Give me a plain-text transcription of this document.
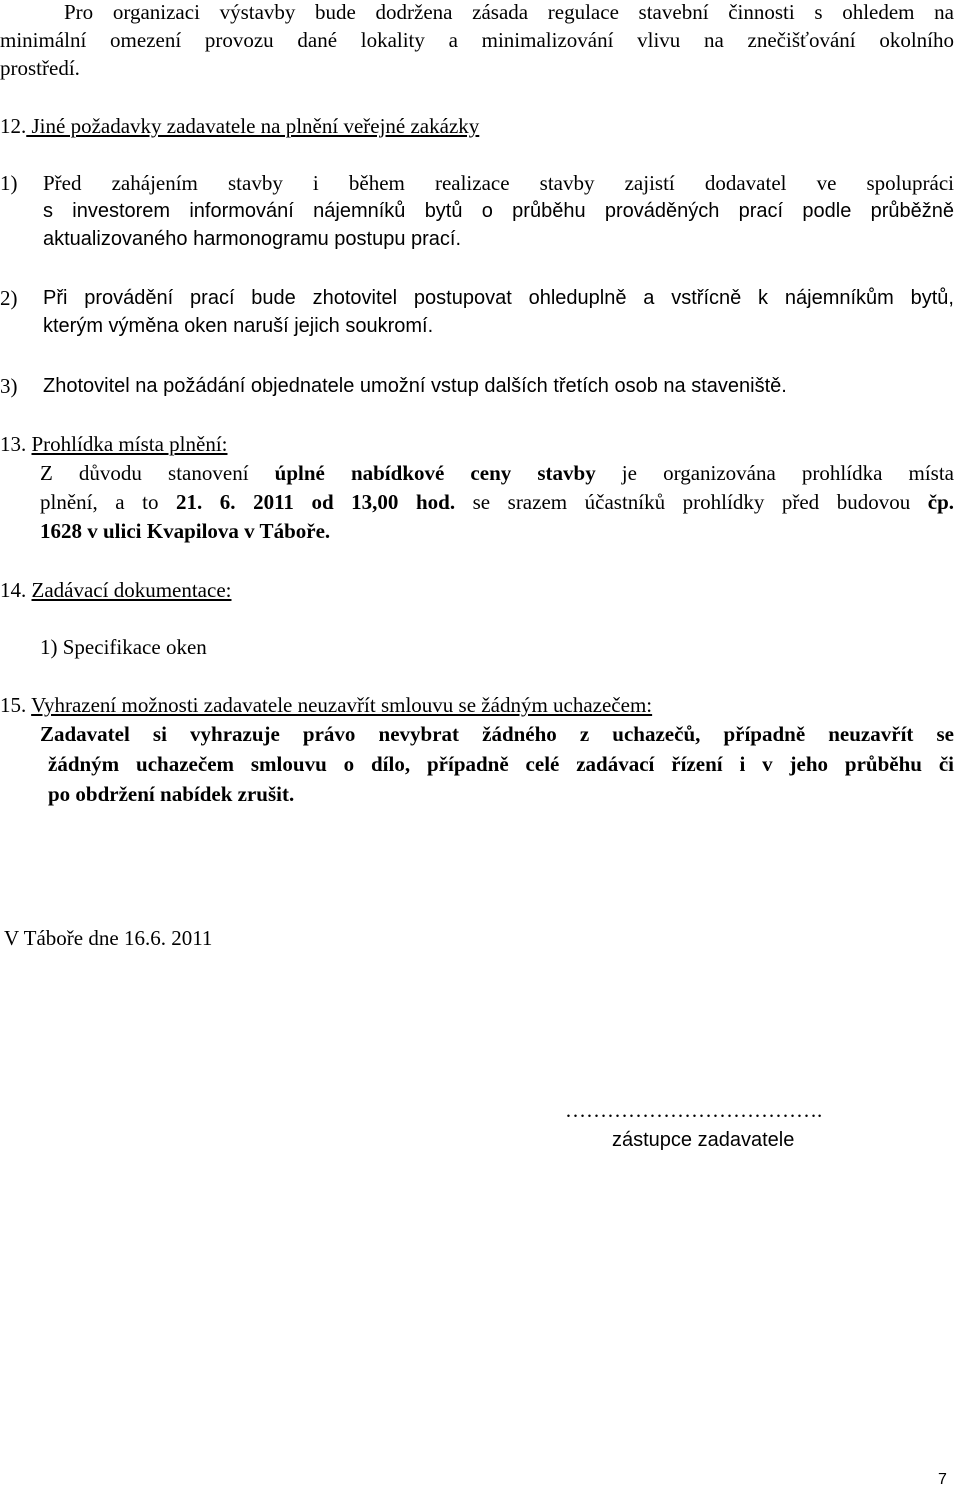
Pro organizaci výstavby bude dodržena zásada regulace stavební činnosti s ohledem na
minimální omezení provozu dané lokality a minimalizování vlivu na znečišťování okolního
prostředí.
12. Jiné požadavky zadavatele na plnění veřejné zakázky
1) Před zahájením stavby i během realizace stavby zajistí dodavatel ve spolupráci
s investorem informování nájemníků bytů o průběhu prováděných prací podle průběžně
aktualizovaného harmonogramu postupu prací.
2) Při provádění prací bude zhotovitel postupovat ohleduplně a vstřícně k nájemníkům bytů,
kterým výměna oken naruší jejich soukromí.
3) Zhotovitel na požádání objednatele umožní vstup dalších třetích osob na staveniště.
13. Prohlídka místa plnění:
Z důvodu stanovení úplné nabídkové ceny stavby je organizována prohlídka místa
plnění, a to 21. 6. 2011 od 13,00 hod. se srazem účastníků prohlídky před budovou čp.
1628 v ulici Kvapilova v Táboře.
14. Zadávací dokumentace:
1) Specifikace oken
15. Vyhrazení možnosti zadavatele neuzavřít smlouvu se žádným uchazečem:
Zadavatel si vyhrazuje právo nevybrat žádného z uchazečů, případně neuzavřít se
žádným uchazečem smlouvu o dílo, případně celé zadávací řízení i v jeho průběhu či
po obdržení nabídek zrušit.
V Táboře dne 16.6. 2011
……………………………….
zástupce zadavatele
7
